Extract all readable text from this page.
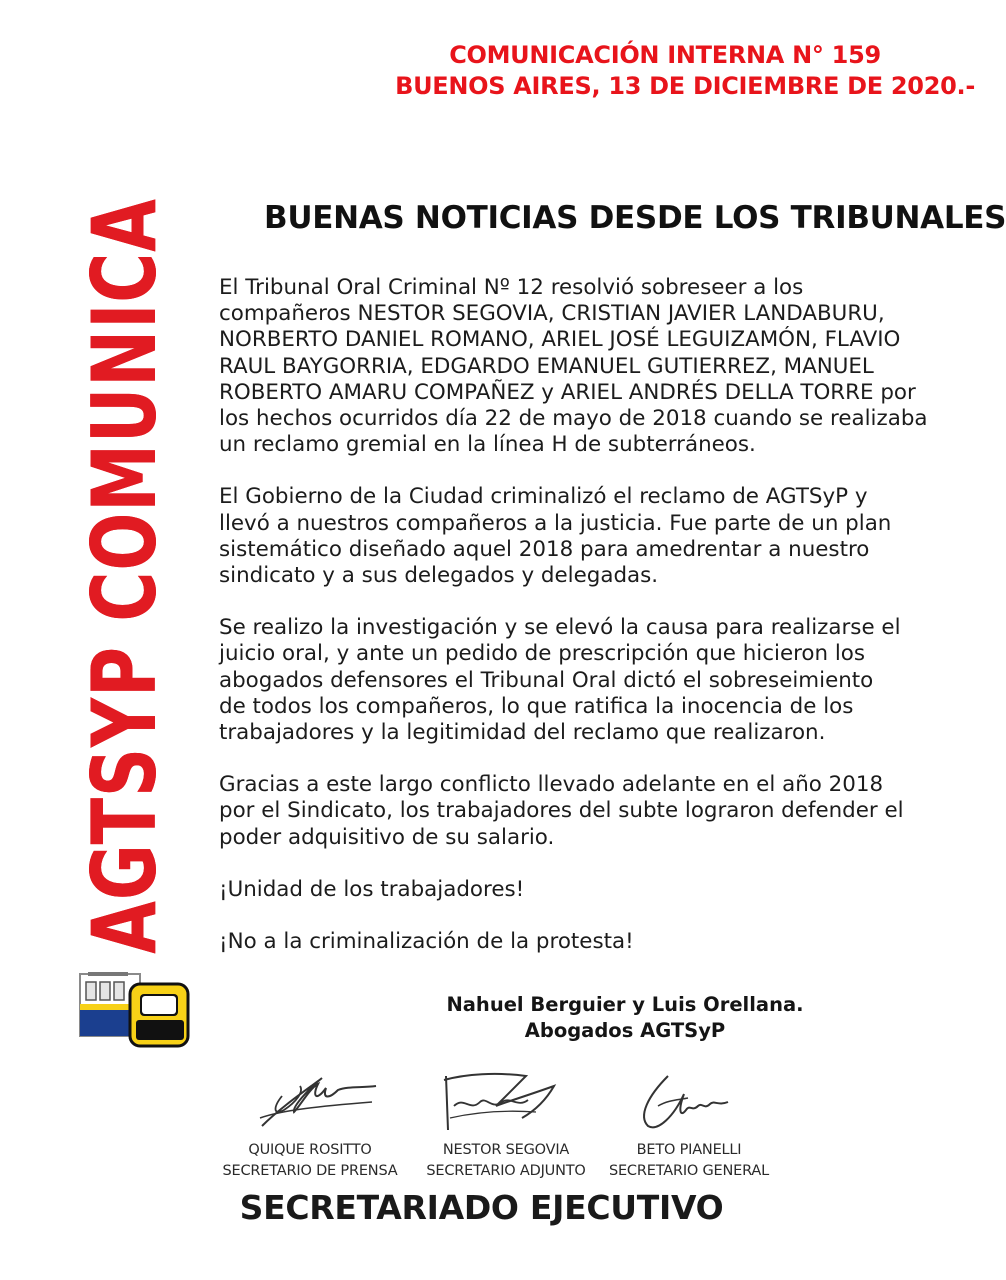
COMUNICACIÓN INTERNA N° 159
BUENOS AIRES, 13 DE DICIEMBRE DE 2020.-
AGTSYP COMUNICA	BUENAS NOTICIAS DESDE LOS TRIBUNALES

El Tribunal Oral Criminal Nº 12 resolvió sobreseer a los
compañeros NESTOR SEGOVIA, CRISTIAN JAVIER LANDABURU,
NORBERTO DANIEL ROMANO, ARIEL JOSÉ LEGUIZAMÓN, FLAVIO
RAUL BAYGORRIA, EDGARDO EMANUEL GUTIERREZ, MANUEL
ROBERTO AMARU COMPAÑEZ y ARIEL ANDRÉS DELLA TORRE por
los hechos ocurridos día 22 de mayo de 2018 cuando se realizaba
un reclamo gremial en la línea H de subterráneos.

El Gobierno de la Ciudad criminalizó el reclamo de AGTSyP y
llevó a nuestros compañeros a la justicia. Fue parte de un plan
sistemático diseñado aquel 2018 para amedrentar a nuestro
sindicato y a sus delegados y delegadas.

Se realizo la investigación y se elevó la causa para realizarse el
juicio oral, y ante un pedido de prescripción que hicieron los
abogados defensores el Tribunal Oral dictó el sobreseimiento
de todos los compañeros, lo que ratifica la inocencia de los
trabajadores y la legitimidad del reclamo que realizaron.

Gracias a este largo conflicto llevado adelante en el año 2018
por el Sindicato, los trabajadores del subte lograron defender el
poder adquisitivo de su salario.

¡Unidad de los trabajadores!

¡No a la criminalización de la protesta!

Nahuel Berguier y Luis Orellana.
Abogados AGTSyP
QUIQUE ROSITTO
SECRETARIO DE PRENSA
NESTOR SEGOVIA
SECRETARIO ADJUNTO
BETO PIANELLI
SECRETARIO GENERAL
SECRETARIADO EJECUTIVO
